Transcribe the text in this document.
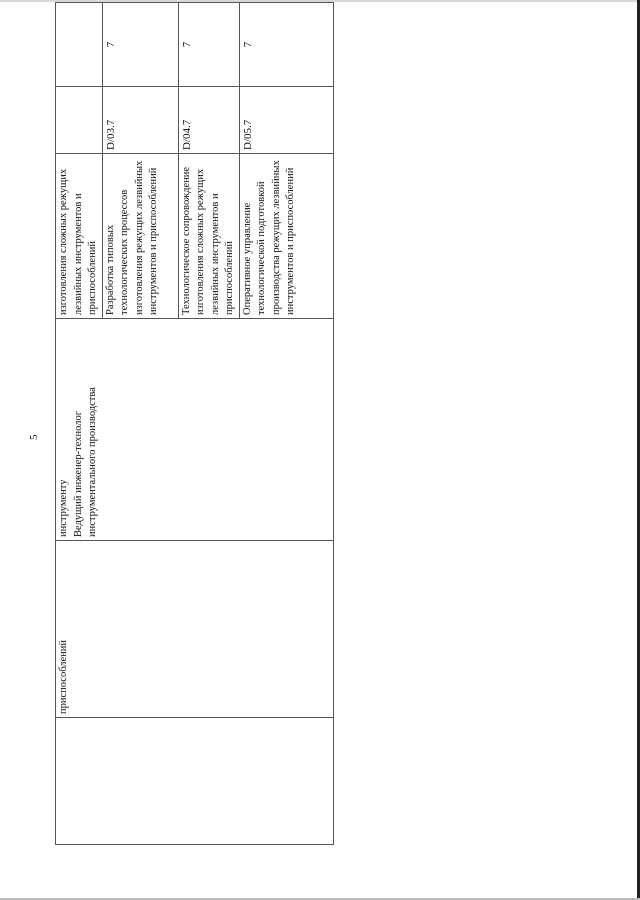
5
	приспособлений	инструменту
Ведущий инженер-технолог инструментального производства	изготовления сложных режущих лезвийных инструментов и приспособлений		
			Разработка типовых технологических процессов изготовления режущих лезвийных инструментов и приспособлений	D/03.7	7
			Технологическое сопровождение изготовления сложных режущих лезвийных инструментов и приспособлений	D/04.7	7
			Оперативное управление технологической подготовкой производства режущих лезвийных инструментов и приспособлений	D/05.7	7
